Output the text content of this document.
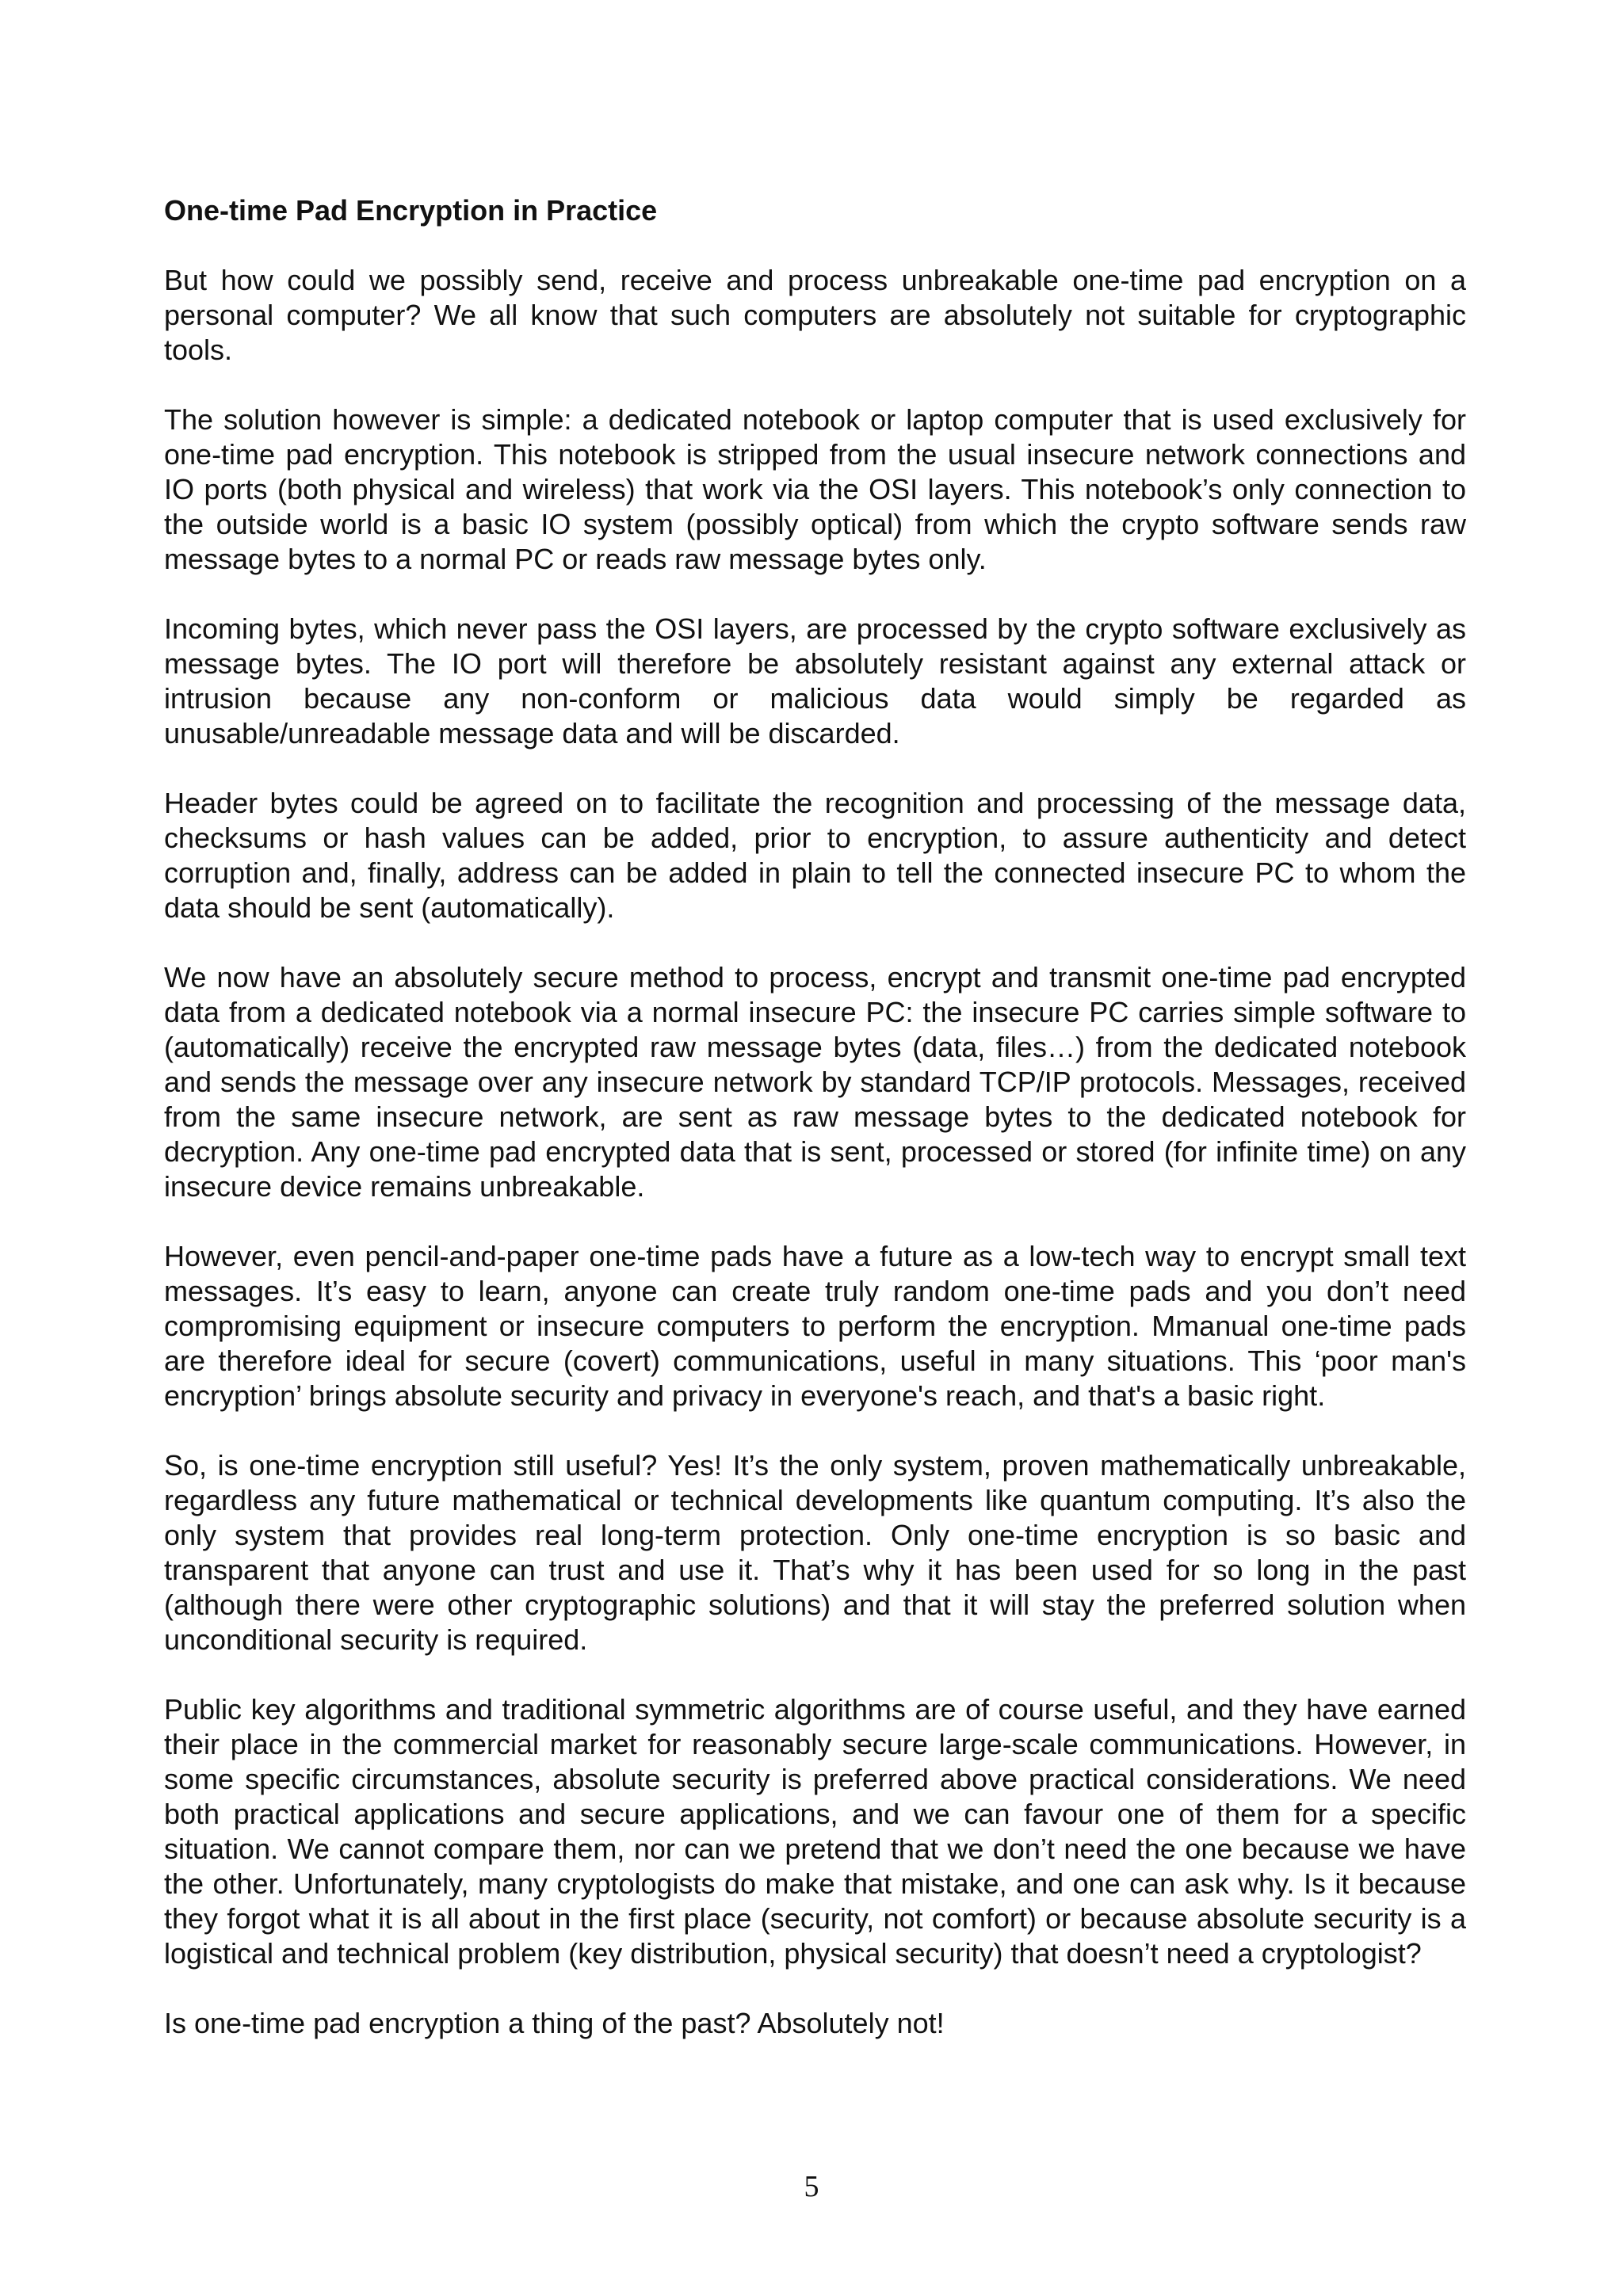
One-time Pad Encryption in Practice

But how could we possibly send, receive and process unbreakable one-time pad encryption on a personal computer? We all know that such computers are absolutely not suitable for cryptographic tools.

The solution however is simple: a dedicated notebook or laptop computer that is used exclusively for one-time pad encryption. This notebook is stripped from the usual insecure network connections and IO ports (both physical and wireless) that work via the OSI layers. This notebook’s only connection to the outside world is a basic IO system (possibly optical) from which the crypto software sends raw message bytes to a normal PC or reads raw message bytes only.

Incoming bytes, which never pass the OSI layers, are processed by the crypto software exclusively as message bytes. The IO port will therefore be absolutely resistant against any external attack or intrusion because any non-conform or malicious data would simply be regarded as unusable/unreadable message data and will be discarded.

Header bytes could be agreed on to facilitate the recognition and processing of the message data, checksums or hash values can be added, prior to encryption, to assure authenticity and detect corruption and, finally, address can be added in plain to tell the connected insecure PC to whom the data should be sent (automatically).

We now have an absolutely secure method to process, encrypt and transmit one-time pad encrypted data from a dedicated notebook via a normal insecure PC: the insecure PC carries simple software to (automatically) receive the encrypted raw message bytes (data, files…) from the dedicated notebook and sends the message over any insecure network by standard TCP/IP protocols. Messages, received from the same insecure network, are sent as raw message bytes to the dedicated notebook for decryption. Any one-time pad encrypted data that is sent, processed or stored (for infinite time) on any insecure device remains unbreakable.

However, even pencil-and-paper one-time pads have a future as a low-tech way to encrypt small text messages. It’s easy to learn, anyone can create truly random one-time pads and you don’t need compromising equipment or insecure computers to perform the encryption. Mmanual one-time pads are therefore ideal for secure (covert) communications, useful in many situations. This ‘poor man's encryption’ brings absolute security and privacy in everyone's reach, and that's a basic right.

So, is one-time encryption still useful? Yes! It’s the only system, proven mathematically unbreakable, regardless any future mathematical or technical developments like quantum computing. It’s also the only system that provides real long-term protection. Only one-time encryption is so basic and transparent that anyone can trust and use it. That’s why it has been used for so long in the past (although there were other cryptographic solutions) and that it will stay the preferred solution when unconditional security is required.

Public key algorithms and traditional symmetric algorithms are of course useful, and they have earned their place in the commercial market for reasonably secure large-scale communications. However, in some specific circumstances, absolute security is preferred above practical considerations. We need both practical applications and secure applications, and we can favour one of them for a specific situation. We cannot compare them, nor can we pretend that we don’t need the one because we have the other. Unfortunately, many cryptologists do make that mistake, and one can ask why. Is it because they forgot what it is all about in the first place (security, not comfort) or because absolute security is a logistical and technical problem (key distribution, physical security) that doesn’t need a cryptologist?

Is one-time pad encryption a thing of the past? Absolutely not!

5
